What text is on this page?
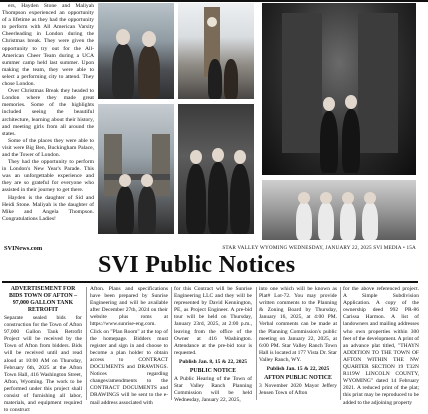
ers, Hayden Stone and Maliyah Thompson experienced an opportunity of a lifetime as they had the opportunity to perform with All American Varsity Cheerleading in London during the Christmas break. They were given the opportunity to try out for the All-American Cheer Team during a UCA summer camp held last summer. Upon making the team, they were able to select a performing city to attend. They chose London.

Over Christmas Break they headed to London where they made great memories. Some of the highlights included seeing the beautiful architecture, learning about their history, and meeting girls from all around the states.

Some of the places they were able to visit were Big Ben, Buckingham Palace, and the Tower of London.

They had the opportunity to perform in London's New Year's Parade. This was an unforgettable experience and they are so grateful for everyone who assisted in their journey to get there.

Hayden is the daughter of Sid and Heidi Stone. Maliyah is the daughter of Mike and Angela Thompson. Congratulations Ladies!

SVINews.com	STAR VALLEY WYOMING WEDNESDAY, JANUARY 22, 2025 SVI MEDIA • 15A
SVI Public Notices
ADVERTISEMENT FOR BIDS TOWN OF AFTON – 97,000 GALLON TANK RETROFIT

Separate sealed bids for construction for the Town of Afton 97,000 Gallon Tank Retrofit Project will be received by the Town of Afton from bidders. Bids will be received until and read aloud at 10:00 AM on Thursday, February 6th, 2025 at the Afton Town Hall, 416 Washington Street, Afton, Wyoming. The work to be performed under this project shall consist of furnishing all labor, materials, and equipment required to construct

Afton. Plans and specifications have been prepared by Sunrise Engineering and will be available after December 27th, 2024 on their website plus roms at https://www.sunrise-eng.com. Click on "Plan Room" at the top of the homepage. Bidders must register and sign in and choose to become a plan holder to obtain access to CONTRACT DOCUMENTS and DRAWINGS. Notices regarding changes/amendments to the CONTRACT DOCUMENTS and DRAWINGS will be sent to the e-mail address associated with

for this Contract will be Sunrise Engineering LLC and they will be represented by David Kennington, PE, as Project Engineer. A pre-bid tour will be held on Thursday, January 23rd, 2025, at 2:00 p.m., leaving from the office of the Owner at 416 Washington. Attendance at the pre-bid tour is requested.

Publish Jan. 8, 15 & 22, 2025

PUBLIC NOTICE

A Public Hearing of the Town of Star Valley Ranch Planning Commission will be held Wednesday, January 22, 2025,

into one which will be known as Plat# Lot-72. You may provide written comments to the Planning & Zoning Board by Thursday, January 16, 2025, at 4:00 PM. Verbal comments can be made at the Planning Commission's public meeting on January 22, 2025, at 6:00 PM. Star Valley Ranch Town Hall is located at 177 Vista Dr. Star Valley Ranch, WY.

Publish Jan. 15 & 22, 2025

AFTON PUBLIC NOTICE

3 November 2020 Mayor Jeffery Jensen Town of Afton

for the above referenced project. A Simple Subdivision Application. A copy of the ownership deed 992 PR-86 Carissa Harmon. A list of landowners and mailing addresses who own properties within 300 feet of the development. A print of an advance plat titled, "THAYN ADDITION TO THE TOWN OF AFTON WITHIN THE NW QUARTER SECTION 19 T32N R119W LINCOLN COUNTY, WYOMING" dated 14 February 2021. A reduced print of the plat; this print may be reproduced to be added to the adjoining property
